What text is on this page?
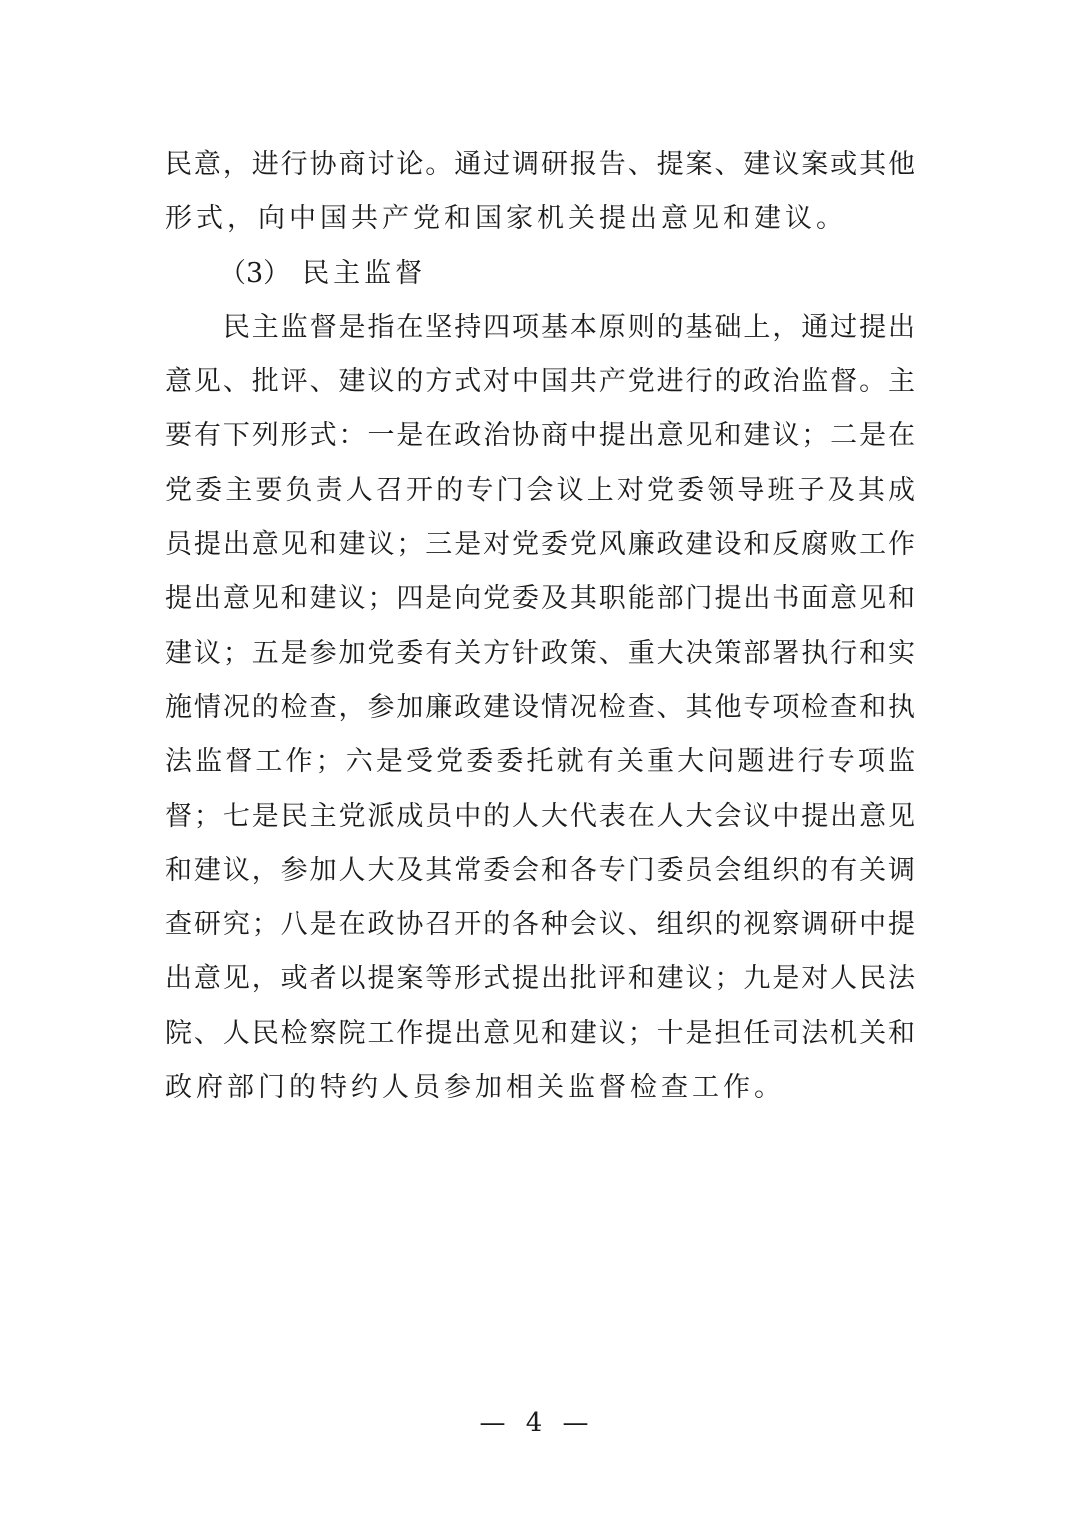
民意，进行协商讨论。通过调研报告、提案、建议案或其他
形式，向中国共产党和国家机关提出意见和建议。
（3） 民主监督
　　民主监督是指在坚持四项基本原则的基础上，通过提出
意见、批评、建议的方式对中国共产党进行的政治监督。主
要有下列形式：一是在政治协商中提出意见和建议；二是在
党委主要负责人召开的专门会议上对党委领导班子及其成
员提出意见和建议；三是对党委党风廉政建设和反腐败工作
提出意见和建议；四是向党委及其职能部门提出书面意见和
建议；五是参加党委有关方针政策、重大决策部署执行和实
施情况的检查，参加廉政建设情况检查、其他专项检查和执
法监督工作；六是受党委委托就有关重大问题进行专项监
督；七是民主党派成员中的人大代表在人大会议中提出意见
和建议，参加人大及其常委会和各专门委员会组织的有关调
查研究；八是在政协召开的各种会议、组织的视察调研中提
出意见，或者以提案等形式提出批评和建议；九是对人民法
院、人民检察院工作提出意见和建议；十是担任司法机关和
政府部门的特约人员参加相关监督检查工作。
— 4 —
